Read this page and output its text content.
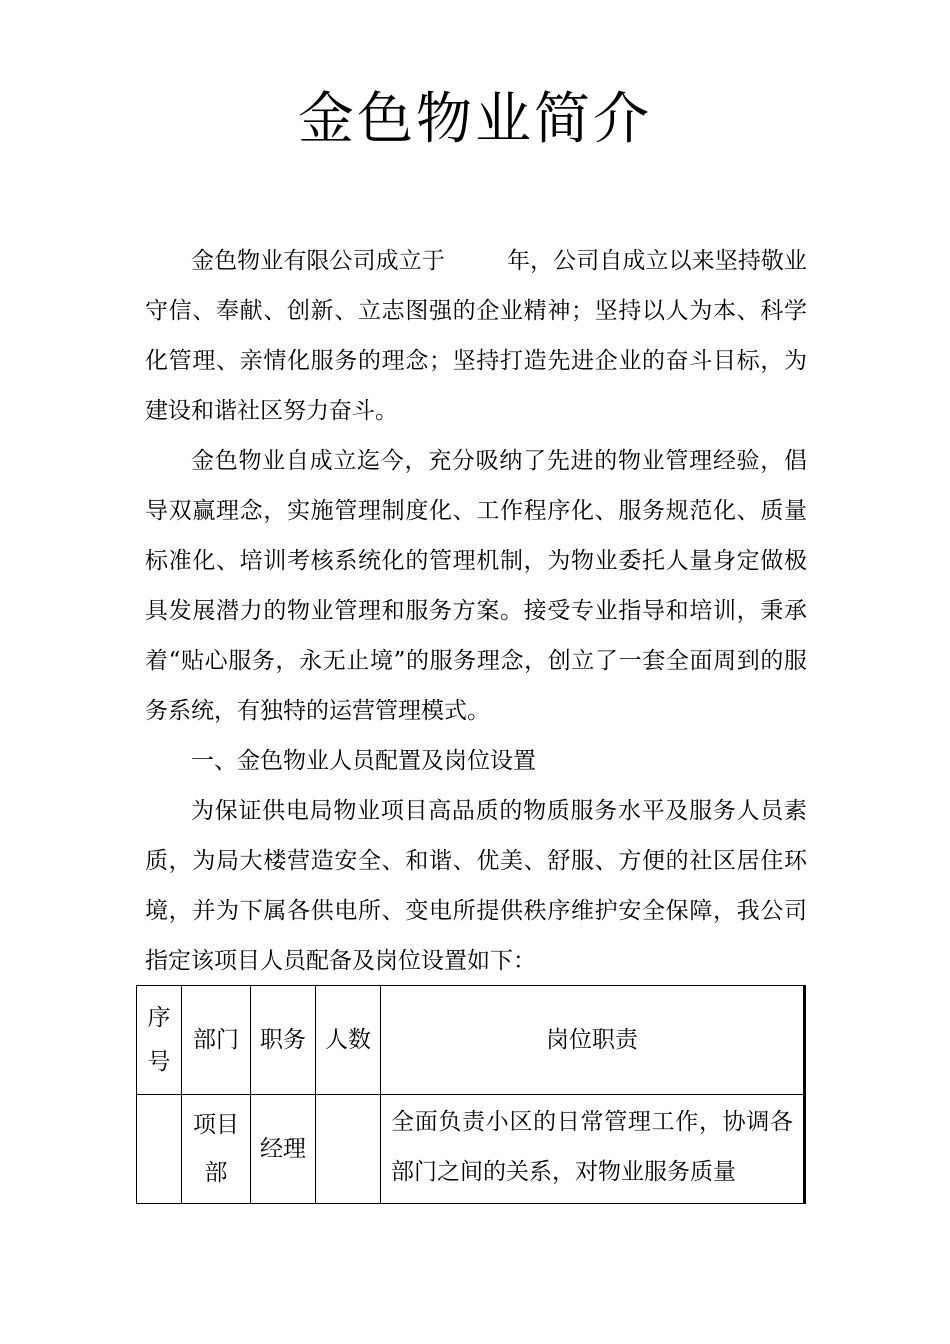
金色物业简介

金色物业有限公司成立于	年，公司自成立以来坚持敬业守信、奉献、创新、立志图强的企业精神；坚持以人为本、科学化管理、亲情化服务的理念；坚持打造先进企业的奋斗目标，为建设和谐社区努力奋斗。

金色物业自成立迄今，充分吸纳了先进的物业管理经验，倡导双赢理念，实施管理制度化、工作程序化、服务规范化、质量标准化、培训考核系统化的管理机制，为物业委托人量身定做极具发展潜力的物业管理和服务方案。接受专业指导和培训，秉承着“贴心服务，永无止境”的服务理念，创立了一套全面周到的服务系统，有独特的运营管理模式。

一、金色物业人员配置及岗位设置

为保证供电局物业项目高品质的物质服务水平及服务人员素质，为局大楼营造安全、和谐、优美、舒服、方便的社区居住环境，并为下属各供电所、变电所提供秩序维护安全保障，我公司指定该项目人员配备及岗位设置如下：

序号	部门	职务	人数	岗位职责
	项目部	经理		全面负责小区的日常管理工作，协调各部门之间的关系，对物业服务质量
